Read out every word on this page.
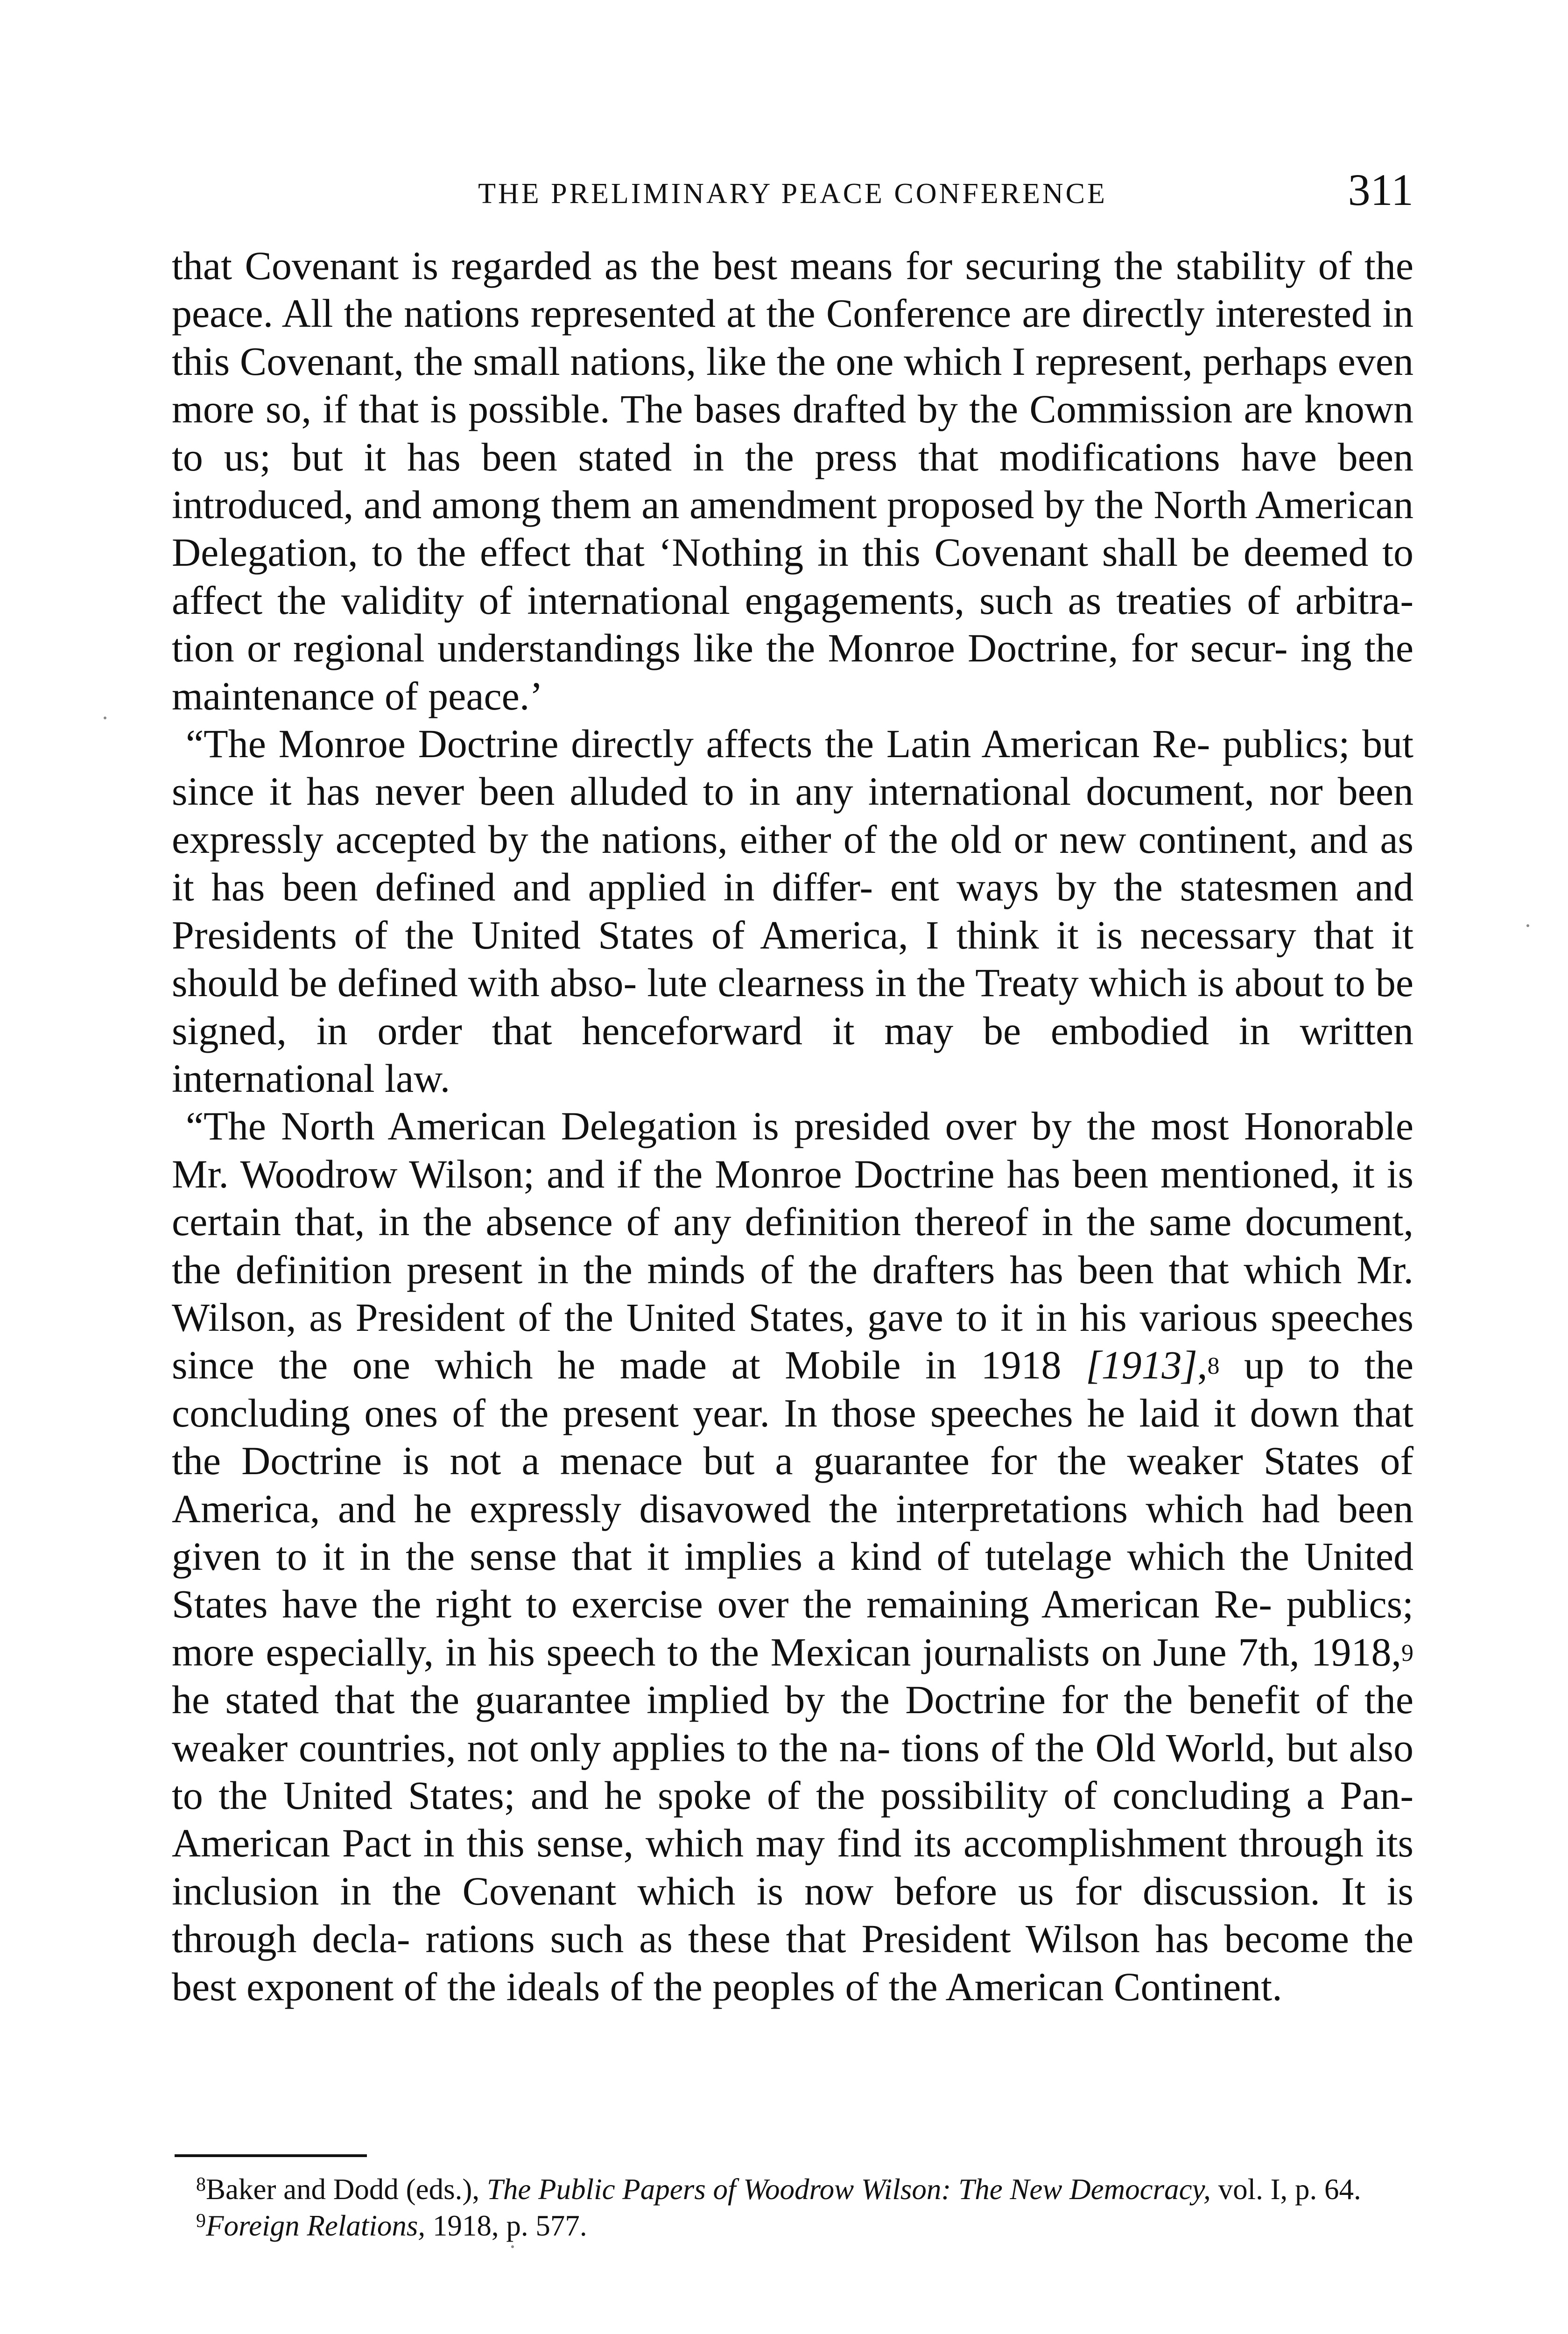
THE PRELIMINARY PEACE CONFERENCE	311

that Covenant is regarded as the best means for securing the stability of the peace. All the nations represented at the Conference are directly interested in this Covenant, the small nations, like the one which I represent, perhaps even more so, if that is possible. The bases drafted by the Commission are known to us; but it has been stated in the press that modifications have been introduced, and among them an amendment proposed by the North American Delegation, to the effect that ‘Nothing in this Covenant shall be deemed to affect the validity of international engagements, such as treaties of arbitra- tion or regional understandings like the Monroe Doctrine, for secur- ing the maintenance of peace.’

“The Monroe Doctrine directly affects the Latin American Re- publics; but since it has never been alluded to in any international document, nor been expressly accepted by the nations, either of the old or new continent, and as it has been defined and applied in differ- ent ways by the statesmen and Presidents of the United States of America, I think it is necessary that it should be defined with abso- lute clearness in the Treaty which is about to be signed, in order that henceforward it may be embodied in written international law.

“The North American Delegation is presided over by the most Honorable Mr. Woodrow Wilson; and if the Monroe Doctrine has been mentioned, it is certain that, in the absence of any definition thereof in the same document, the definition present in the minds of the drafters has been that which Mr. Wilson, as President of the United States, gave to it in his various speeches since the one which he made at Mobile in 1918 [1913],$^8$ up to the concluding ones of the present year. In those speeches he laid it down that the Doctrine is not a menace but a guarantee for the weaker States of America, and he expressly disavowed the interpretations which had been given to it in the sense that it implies a kind of tutelage which the United States have the right to exercise over the remaining American Re- publics; more especially, in his speech to the Mexican journalists on June 7th, 1918,$^9$ he stated that the guarantee implied by the Doctrine for the benefit of the weaker countries, not only applies to the na- tions of the Old World, but also to the United States; and he spoke of the possibility of concluding a Pan-American Pact in this sense, which may find its accomplishment through its inclusion in the Covenant which is now before us for discussion. It is through decla- rations such as these that President Wilson has become the best exponent of the ideals of the peoples of the American Continent.

$^8$Baker and Dodd (eds.), The Public Papers of Woodrow Wilson: The New Democracy, vol. I, p. 64.

$^9$Foreign Relations, 1918, p. 577.
